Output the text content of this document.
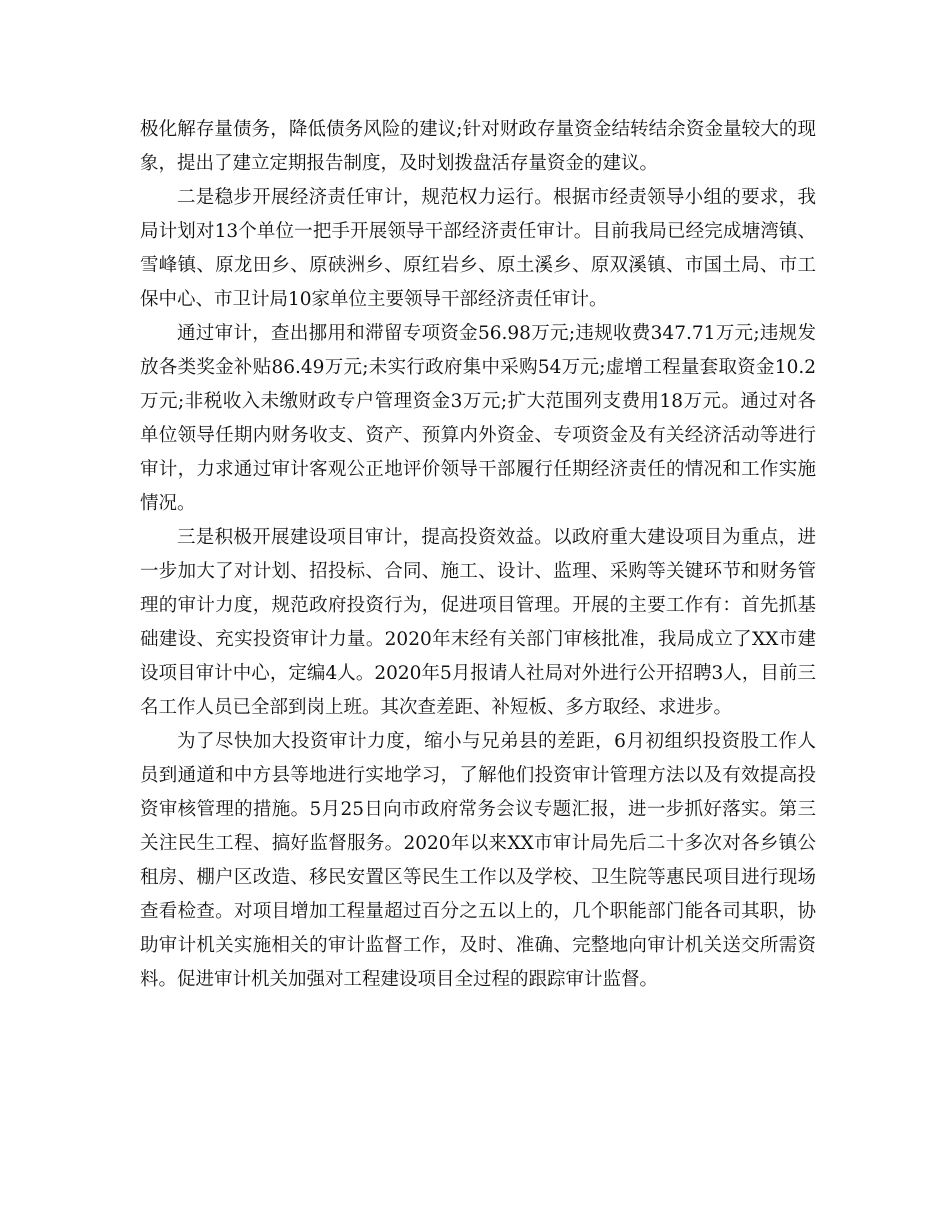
极化解存量债务，降低债务风险的建议;针对财政存量资金结转结余资金量较大的现象，提出了建立定期报告制度，及时划拨盘活存量资金的建议。

二是稳步开展经济责任审计，规范权力运行。根据市经责领导小组的要求，我局计划对13个单位一把手开展领导干部经济责任审计。目前我局已经完成塘湾镇、雪峰镇、原龙田乡、原硖洲乡、原红岩乡、原土溪乡、原双溪镇、市国土局、市工保中心、市卫计局10家单位主要领导干部经济责任审计。

通过审计，查出挪用和滞留专项资金56.98万元;违规收费347.71万元;违规发放各类奖金补贴86.49万元;未实行政府集中采购54万元;虚增工程量套取资金10.2万元;非税收入未缴财政专户管理资金3万元;扩大范围列支费用18万元。通过对各单位领导任期内财务收支、资产、预算内外资金、专项资金及有关经济活动等进行审计，力求通过审计客观公正地评价领导干部履行任期经济责任的情况和工作实施情况。

三是积极开展建设项目审计，提高投资效益。以政府重大建设项目为重点，进一步加大了对计划、招投标、合同、施工、设计、监理、采购等关键环节和财务管理的审计力度，规范政府投资行为，促进项目管理。开展的主要工作有：首先抓基础建设、充实投资审计力量。2020年末经有关部门审核批准，我局成立了XX市建设项目审计中心，定编4人。2020年5月报请人社局对外进行公开招聘3人，目前三名工作人员已全部到岗上班。其次查差距、补短板、多方取经、求进步。

为了尽快加大投资审计力度，缩小与兄弟县的差距，6月初组织投资股工作人员到通道和中方县等地进行实地学习，了解他们投资审计管理方法以及有效提高投资审核管理的措施。5月25日向市政府常务会议专题汇报，进一步抓好落实。第三关注民生工程、搞好监督服务。2020年以来XX市审计局先后二十多次对各乡镇公租房、棚户区改造、移民安置区等民生工作以及学校、卫生院等惠民项目进行现场查看检查。对项目增加工程量超过百分之五以上的，几个职能部门能各司其职，协助审计机关实施相关的审计监督工作，及时、准确、完整地向审计机关送交所需资料。促进审计机关加强对工程建设项目全过程的跟踪审计监督。
